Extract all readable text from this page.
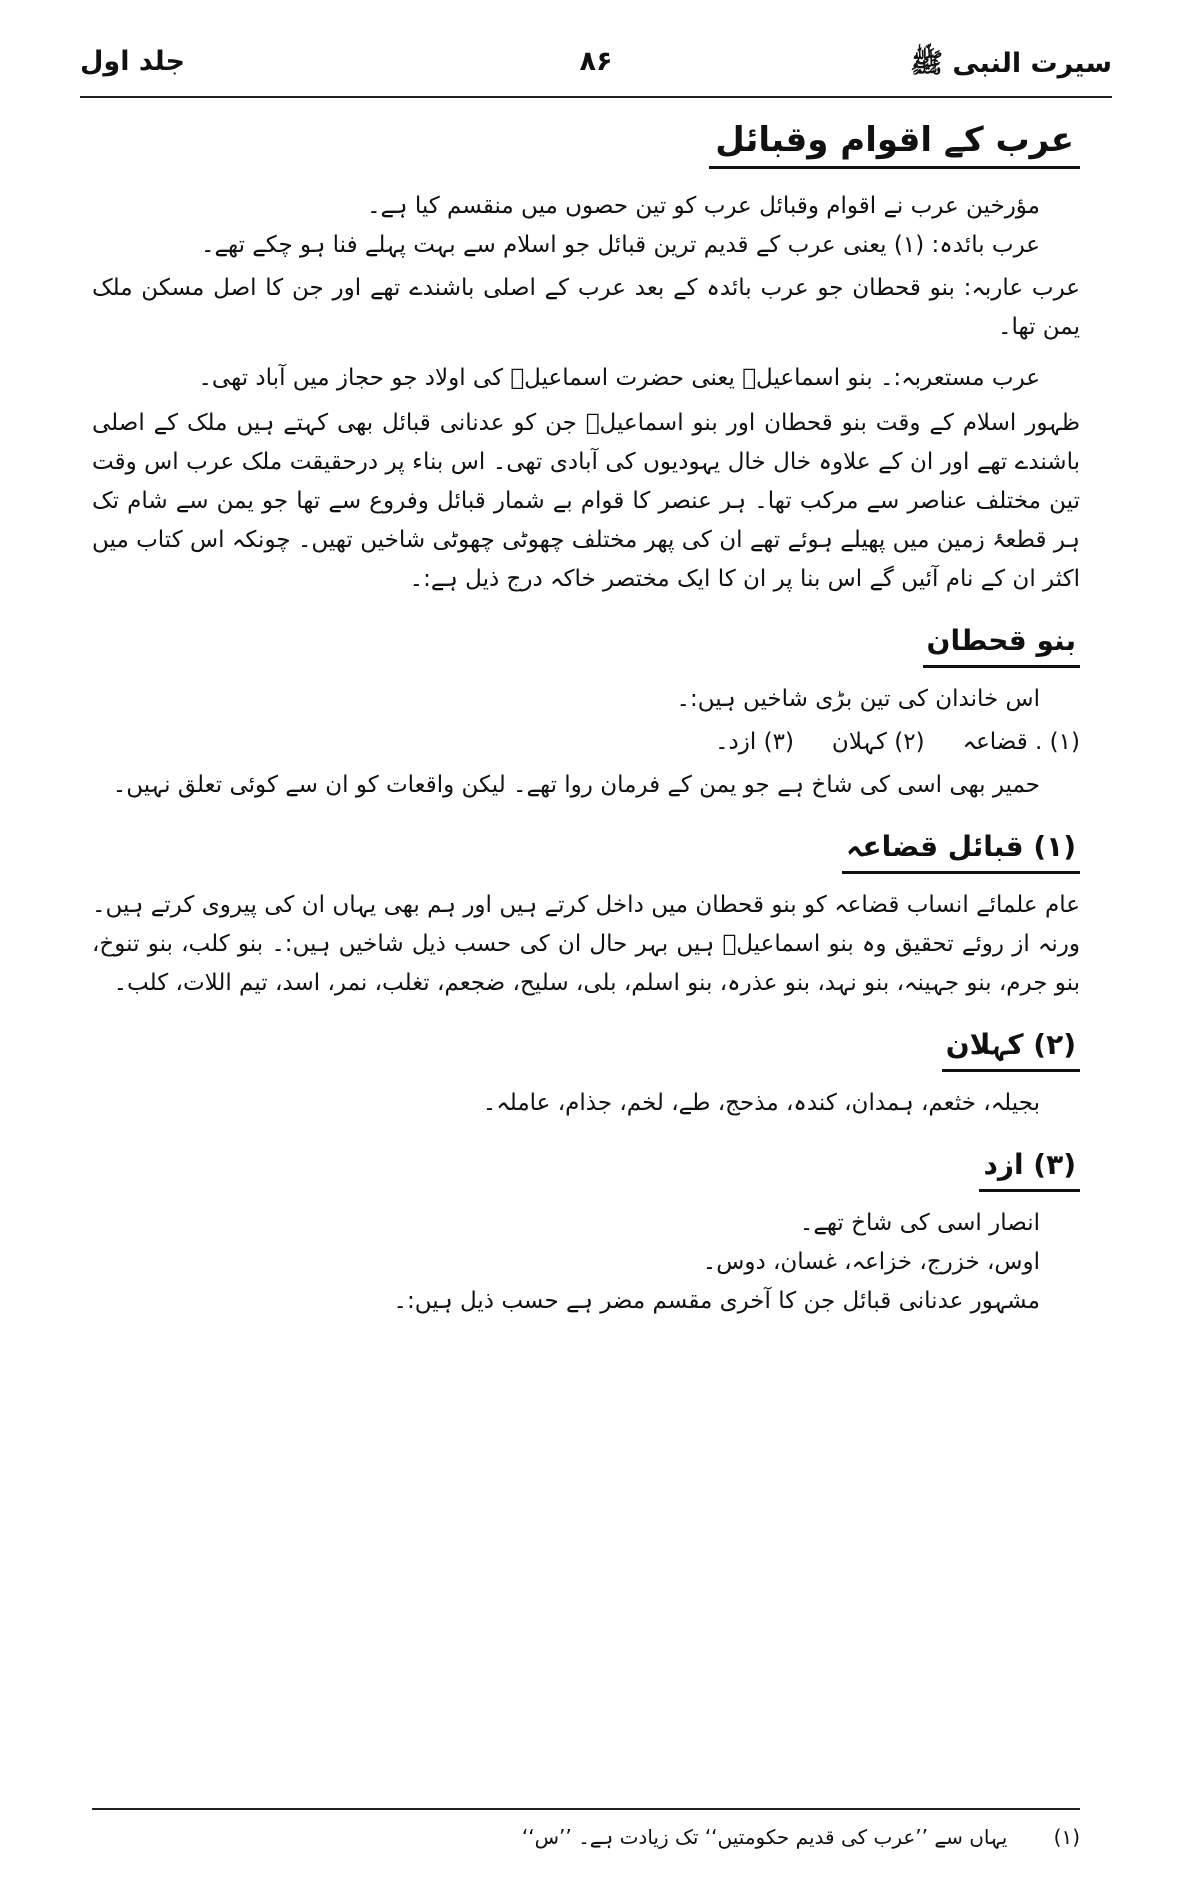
سیرت النبی ﷺ
۸۶
جلد اول
عرب کے اقوام وقبائل

مؤرخین عرب نے اقوام وقبائل عرب کو تین حصوں میں منقسم کیا ہے۔

عرب بائدہ: (۱) یعنی عرب کے قدیم ترین قبائل جو اسلام سے بہت پہلے فنا ہو چکے تھے۔

عرب عاربہ: بنو قحطان جو عرب بائدہ کے بعد عرب کے اصلی باشندے تھے اور جن کا اصل مسکن ملک یمن تھا۔

عرب مستعربہ:۔ بنو اسماعیلؑ یعنی حضرت اسماعیلؑ کی اولاد جو حجاز میں آباد تھی۔

ظہور اسلام کے وقت بنو قحطان اور بنو اسماعیلؑ جن کو عدنانی قبائل بھی کہتے ہیں ملک کے اصلی باشندے تھے اور ان کے علاوہ خال خال یہودیوں کی آبادی تھی۔ اس بناء پر درحقیقت ملک عرب اس وقت تین مختلف عناصر سے مرکب تھا۔ ہر عنصر کا قوام بے شمار قبائل وفروع سے تھا جو یمن سے شام تک ہر قطعۂ زمین میں پھیلے ہوئے تھے ان کی پھر مختلف چھوٹی چھوٹی شاخیں تھیں۔ چونکہ اس کتاب میں اکثر ان کے نام آئیں گے اس بنا پر ان کا ایک مختصر خاکہ درج ذیل ہے:۔

بنو قحطان

اس خاندان کی تین بڑی شاخیں ہیں:۔

(۱) . قضاعہ
(۲) کہلان
(۳) ازد۔

حمیر بھی اسی کی شاخ ہے جو یمن کے فرمان روا تھے۔ لیکن واقعات کو ان سے کوئی تعلق نہیں۔

(۱) قبائل قضاعہ

عام علمائے انساب قضاعہ کو بنو قحطان میں داخل کرتے ہیں اور ہم بھی یہاں ان کی پیروی کرتے ہیں۔ ورنہ از روئے تحقیق وہ بنو اسماعیلؑ ہیں بہر حال ان کی حسب ذیل شاخیں ہیں:۔ بنو کلب، بنو تنوخ، بنو جرم، بنو جہینہ، بنو نہد، بنو عذرہ، بنو اسلم، بلی، سلیح، ضجعم، تغلب، نمر، اسد، تیم اللات، کلب۔

(۲) کہلان

بجیلہ، خثعم، ہمدان، کندہ، مذحج، طے، لخم، جذام، عاملہ۔

(۳) ازد

انصار اسی کی شاخ تھے۔

اوس، خزرج، خزاعہ، غسان، دوس۔

مشہور عدنانی قبائل جن کا آخری مقسم مضر ہے حسب ذیل ہیں:۔

(۱) یہاں سے ’’عرب کی قدیم حکومتیں‘‘ تک زیادت ہے۔ ’’س‘‘
